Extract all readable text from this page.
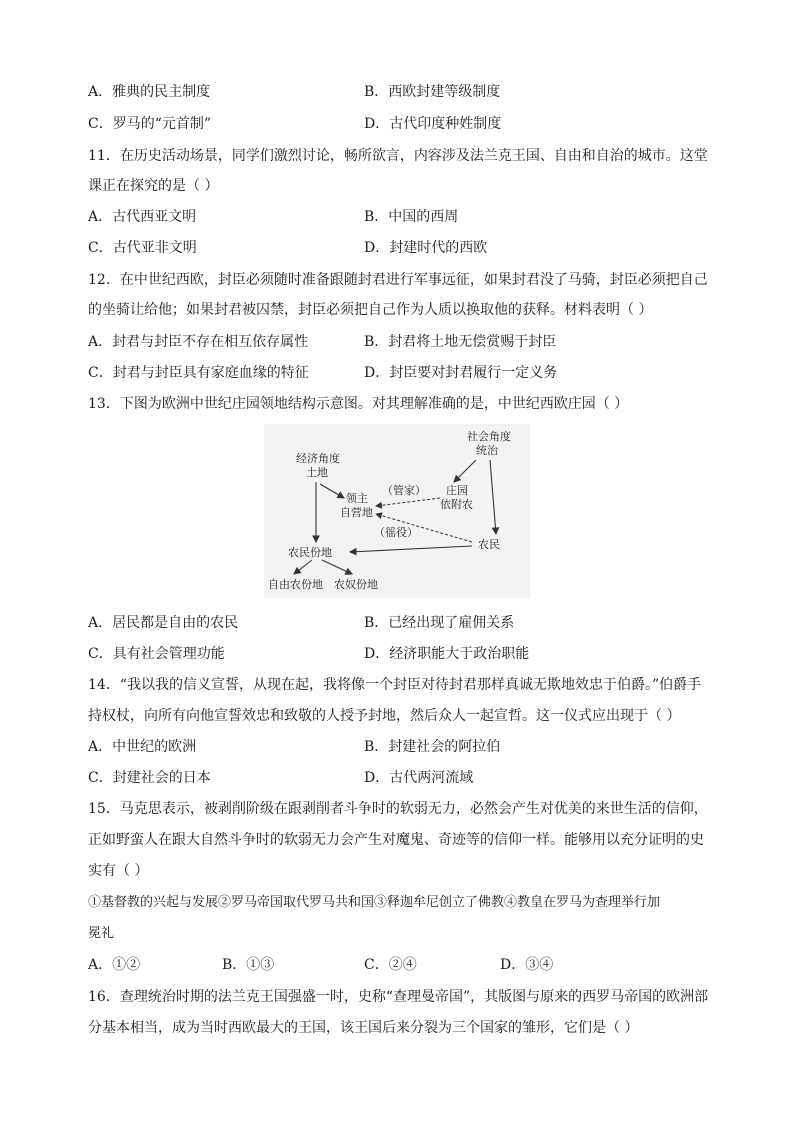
A．雅典的民主制度	B．西欧封建等级制度
C．罗马的“元首制”	D．古代印度种姓制度
11．在历史活动场景，同学们激烈讨论，畅所欲言，内容涉及法兰克王国、自由和自治的城市。这堂
课正在探究的是（ ）
A．古代西亚文明	B．中国的西周
C．古代亚非文明	D．封建时代的西欧
12．在中世纪西欧，封臣必须随时准备跟随封君进行军事远征，如果封君没了马骑，封臣必须把自己
的坐骑让给他；如果封君被囚禁，封臣必须把自己作为人质以换取他的获释。材料表明（ ）
A．封君与封臣不存在相互依存属性	B．封君将土地无偿赏赐于封臣
C．封君与封臣具有家庭血缘的特征	D．封臣要对封君履行一定义务
13．下图为欧洲中世纪庄园领地结构示意图。对其理解准确的是，中世纪西欧庄园（ ）
经济角度
土地
社会角度
统治
领主
自营地
（管家） 庄园
依附农
（徭役）
农民
农民份地
自由农份地 农奴份地
A．居民都是自由的农民	B．已经出现了雇佣关系
C．具有社会管理功能	D．经济职能大于政治职能
14．“我以我的信义宣誓，从现在起，我将像一个封臣对待封君那样真诚无欺地效忠于伯爵。”伯爵手
持权杖，向所有向他宣誓效忠和致敬的人授予封地，然后众人一起宣哲。这一仪式应出现于（ ）
A．中世纪的欧洲	B．封建社会的阿拉伯
C．封建社会的日本	D．古代两河流域
15．马克思表示，被剥削阶级在跟剥削者斗争时的软弱无力，必然会产生对优美的来世生活的信仰，
正如野蛮人在跟大自然斗争时的软弱无力会产生对魔鬼、奇迹等的信仰一样。能够用以充分证明的史
实有（ ）
①基督教的兴起与发展②罗马帝国取代罗马共和国③释迦牟尼创立了佛教④教皇在罗马为查理举行加
冕礼
A．①②	B．①③	C．②④	D．③④
16．查理统治时期的法兰克王国强盛一时，史称“查理曼帝国”，其版图与原来的西罗马帝国的欧洲部
分基本相当，成为当时西欧最大的王国，该王国后来分裂为三个国家的雏形，它们是（ ）
